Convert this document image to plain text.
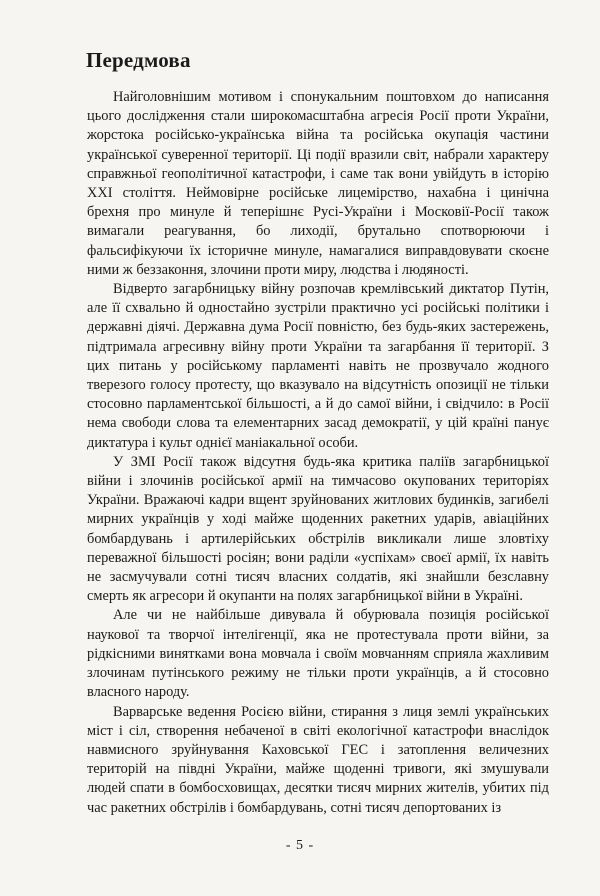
Передмова

Найголовнішим мотивом і спонукальним поштовхом до написання цього дослідження стали широкомасштабна агресія Росії проти України, жорстока російсько-українська війна та російська окупація частини української суверенної території. Ці події вразили світ, набрали характеру справжньої геополітичної катастрофи, і саме так вони увійдуть в історію XXI століття. Неймовірне російське лицемірство, нахабна і цинічна брехня про минуле й теперішнє Русі-України і Московії-Росії також вимагали реагування, бо лиходії, брутально спотворюючи і фальсифікуючи їх історичне минуле, намагалися виправдовувати скоєне ними ж беззаконня, злочини проти миру, людства і людяності.

Відверто загарбницьку війну розпочав кремлівський диктатор Путін, але її схвально й одностайно зустріли практично усі російські політики і державні діячі. Державна дума Росії повністю, без будь-яких застережень, підтримала агресивну війну проти України та загарбання її території. З цих питань у російському парламенті навіть не прозвучало жодного тверезого голосу протесту, що вказувало на відсутність опозиції не тільки стосовно парламентської більшості, а й до самої війни, і свідчило: в Росії нема свободи слова та елементарних засад демократії, у цій країні панує диктатура і культ однієї маніакальної особи.

У ЗМІ Росії також відсутня будь-яка критика паліїв загарбницької війни і злочинів російської армії на тимчасово окупованих територіях України. Вражаючі кадри вщент зруйнованих житлових будинків, загибелі мирних українців у ході майже щоденних ракетних ударів, авіаційних бомбардувань і артилерійських обстрілів викликали лише зловтіху переважної більшості росіян; вони раділи «успіхам» своєї армії, їх навіть не засмучували сотні тисяч власних солдатів, які знайшли безславну смерть як агресори й окупанти на полях загарбницької війни в Україні.

Але чи не найбільше дивувала й обурювала позиція російської наукової та творчої інтелігенції, яка не протестувала проти війни, за рідкісними винятками вона мовчала і своїм мовчанням сприяла жахливим злочинам путінського режиму не тільки проти українців, а й стосовно власного народу.

Варварське ведення Росією війни, стирання з лиця землі українських міст і сіл, створення небаченої в світі екологічної катастрофи внаслідок навмисного зруйнування Каховської ГЕС і затоплення величезних територій на півдні України, майже щоденні тривоги, які змушували людей спати в бомбосховищах, десятки тисяч мирних жителів, убитих під час ракетних обстрілів і бомбардувань, сотні тисяч депортованих із

- 5 -
